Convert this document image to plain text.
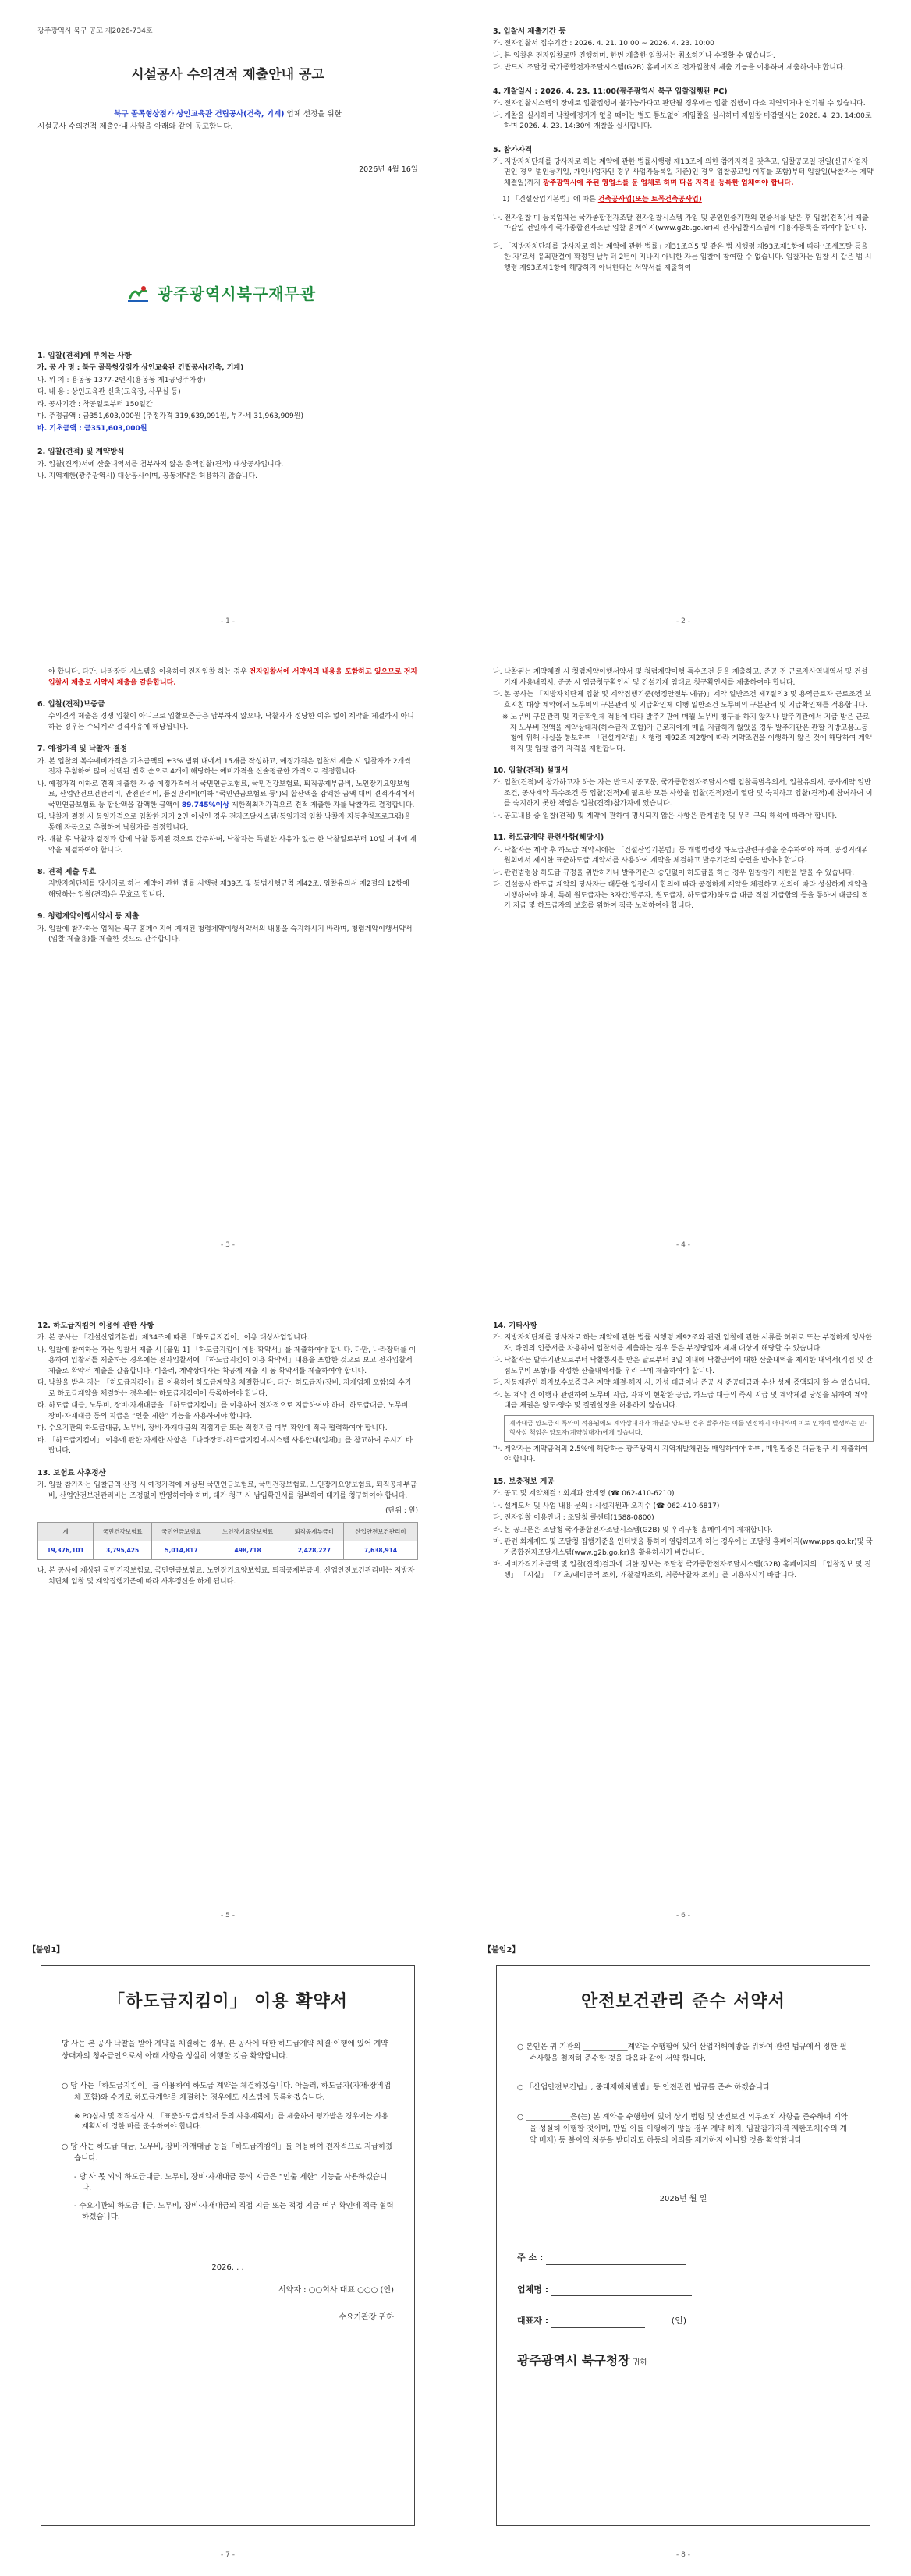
광주광역시 북구 공고 제2026-734호
시설공사 수의견적 제출안내 공고
북구 골목형상점가 상인교육관 건립공사(건축, 기계) 업체 선정을 위한
시설공사 수의견적 제출안내 사항을 아래와 같이 공고합니다.
2026년 4월 16일
광주광역시북구재무관
1. 입찰(견적)에 부치는 사항
가. 공 사 명 : 북구 골목형상점가 상인교육관 건립공사(건축, 기계)
나. 위 치 : 용봉동 1377-2번지(용봉동 제1공영주차장)
다. 내 용 : 상인교육관 신축(교육장, 사무실 등)
라. 공사기간 : 착공일로부터 150일간
마. 추정금액 : 금351,603,000원 (추정가격 319,639,091원, 부가세 31,963,909원)
바. 기초금액 : 금351,603,000원
2. 입찰(견적) 및 계약방식
가. 입찰(견적)서에 산출내역서를 첨부하지 않은 총액입찰(견적) 대상공사입니다.
나. 지역제한(광주광역시) 대상공사이며, 공동계약은 허용하지 않습니다.
- 1 -
3. 입찰서 제출기간 등
가. 전자입찰서 접수기간 : 2026. 4. 21. 10:00 ~ 2026. 4. 23. 10:00
나. 본 입찰은 전자입찰로만 진행하며, 한번 제출한 입찰서는 취소하거나 수정할 수 없습니다.
다. 반드시 조달청 국가종합전자조달시스템(G2B) 홈페이지의 전자입찰서 제출 기능을 이용하여 제출하여야 합니다.
4. 개찰일시 : 2026. 4. 23. 11:00(광주광역시 북구 입찰집행관 PC)
가. 전자입찰시스템의 장애로 입찰집행이 불가능하다고 판단될 경우에는 입찰 집행이 다소 지연되거나 연기될 수 있습니다.
나. 개찰을 실시하여 낙찰예정자가 없을 때에는 별도 통보없이 재입찰을 실시하며 재입찰 마감일시는 2026. 4. 23. 14:00로 하며 2026. 4. 23. 14:30에 개찰을 실시합니다.
5. 참가자격
가. 지방자치단체를 당사자로 하는 계약에 관한 법률시행령 제13조에 의한 참가자격을 갖추고, 입찰공고일 전일(신규사업자면인 경우 법인등기일, 개인사업자인 경우 사업자등록일 기준)인 경우 입찰공고일 이후를 포함)부터 입찰일(낙찰자는 계약체결일)까지 광주광역시에 주된 영업소를 둔 업체로 하며 다음 자격을 등록한 업체여야 합니다.
1) 「건설산업기본법」에 따른 건축공사업(또는 토목건축공사업)
나. 전자입찰 미 등록업체는 국가종합전자조달 전자입찰시스템 가입 및 공인인증기관의 인증서를 받은 후 입찰(견적)서 제출 마감일 전일까지 국가종합전자조달 입찰 홈페이지(www.g2b.go.kr)의 전자입찰시스템에 이용자등록을 하여야 합니다.
다. 「지방자치단체를 당사자로 하는 계약에 관한 법률」제31조의5 및 같은 법 시행령 제93조제1항에 따라 ‘조세포탈 등을 한 자’로서 유죄판결이 확정된 날부터 2년이 지나지 아니한 자는 입찰에 참여할 수 없습니다. 입찰자는 입찰 시 같은 법 시행령 제93조제1항에 해당하지 아니한다는 서약서를 제출하여
- 2 -
야 합니다. 다만, 나라장터 시스템을 이용하여 전자입찰 하는 경우 전자입찰서에 서약서의 내용을 포함하고 있으므로 전자입찰서 제출로 서약서 제출을 갈음합니다.
6. 입찰(견적)보증금
수의견적 제출은 경쟁 입찰이 아니므로 입찰보증금은 납부하지 않으나, 낙찰자가 정당한 이유 없이 계약을 체결하지 아니하는 경우는 수의계약 결격사유에 해당됩니다.
7. 예정가격 및 낙찰자 결정
가. 본 입찰의 복수예비가격은 기초금액의 ±3% 범위 내에서 15개를 작성하고, 예정가격은 입찰서 제출 시 입찰자가 2개씩 전자 추첨하여 많이 선택된 번호 순으로 4개에 해당하는 예비가격을 산술평균한 가격으로 결정합니다.
나. 예정가격 이하로 견적 제출한 자 중 예정가격에서 국민연금보험료, 국민건강보험료, 퇴직공제부금비, 노인장기요양보험료, 산업안전보건관리비, 안전관리비, 품질관리비(이하 "국민연금보험료 등")의 합산액을 감액한 금액 대비 견적가격에서 국민연금보험료 등 합산액을 감액한 금액이 89.745%이상 제한적최저가격으로 견적 제출한 자를 낙찰자로 결정합니다.
다. 낙찰자 결정 시 동일가격으로 입찰한 자가 2인 이상인 경우 전자조달시스템(동일가격 입찰 낙찰자 자동추첨프로그램)을 통해 자동으로 추첨하여 낙찰자를 결정합니다.
라. 개찰 후 낙찰자 결정과 함께 낙찰 통지된 것으로 간주하며, 낙찰자는 특별한 사유가 없는 한 낙찰일로부터 10일 이내에 계약을 체결하여야 합니다.
8. 견적 제출 무효
지방자치단체를 당사자로 하는 계약에 관한 법률 시행령 제39조 및 동법시행규칙 제42조, 입찰유의서 제2절의 12항에 해당하는 입찰(견적)은 무효로 합니다.
9. 청렴계약이행서약서 등 제출
가. 입찰에 참가하는 업체는 북구 홈페이지에 게재된 청렴계약이행서약서의 내용을 숙지하시기 바라며, 청렴계약이행서약서(입찰 제출용)를 제출한 것으로 간주합니다.
- 3 -
나. 낙찰된는 계약체결 시 청렴계약이행서약서 및 청렴계약이행 특수조건 등을 제출하고, 준공 전 근로자사역내역서 및 건설기계 사용내역서, 준공 시 임금청구확인서 및 건설기계 임대료 청구확인서를 제출하여야 합니다.
다. 본 공사는 「지방자치단체 입찰 및 계약집행기준(행정안전부 예규)」계약 일반조건 제7절의3 및 용역근로자 근로조건 보호지침 대상 계약에서 노무비의 구분관리 및 지급확인제 이행 일반조건 노무비의 구분관리 및 지급확인제를 적용합니다.
※ 노무비 구분관리 및 지급확인제 적용에 따라 발주기관에 매월 노무비 청구를 하지 않거나 발주기관에서 지급 받은 근로자 노무비 전액을 계약상대자(하수급자 포함)가 근로자에게 매월 지급하지 않았을 경우 발주기관은 관할 지방고용노동청에 위해 사실을 통보하며 「건설계약법」시행령 제92조 제2항에 따라 계약조건을 이행하지 않은 것에 해당하여 계약해지 및 입찰 참가 자격을 제한합니다.
10. 입찰(견적) 설명서
가. 입찰(견적)에 참가하고자 하는 자는 반드시 공고문, 국가종합전자조달시스템 입찰특별유의서, 입찰유의서, 공사계약 일반조건, 공사계약 특수조건 등 입찰(견적)에 필요한 모든 사항을 입찰(견적)전에 열람 및 숙지하고 입찰(견적)에 참여하여 이를 숙지하지 못한 책임은 입찰(견적)참가자에 있습니다.
나. 공고내용 중 입찰(견적) 및 계약에 관하여 명시되지 않은 사항은 관계법령 및 우리 구의 해석에 따라야 합니다.
11. 하도급계약 관련사항(해당시)
가. 낙찰자는 계약 후 하도급 계약시에는 「건설산업기본법」등 개별법령상 하도급관련규정을 준수하여야 하며, 공정거래위원회에서 제시한 표준하도급 계약서를 사용하여 계약을 체결하고 발주기관의 승인을 받아야 합니다.
나. 관련법령상 하도급 규정을 위반하거나 발주기관의 승인없이 하도급을 하는 경우 입찰참가 제한을 받을 수 있습니다.
다. 건설공사 하도급 계약의 당사자는 대등한 입장에서 합의에 따라 공정하게 계약을 체결하고 신의에 따라 성실하게 계약을 이행하여야 하며, 특히 원도급자는 3자간(발주자, 원도급자, 하도급자)하도급 대금 직접 지급합의 등을 통하여 대금의 적기 지급 및 하도급자의 보호를 위하여 적극 노력하여야 합니다.
- 4 -
12. 하도급지킴이 이용에 관한 사항
가. 본 공사는 「건설산업기본법」제34조에 따른 「하도급지킴이」이용 대상사업입니다.
나. 입찰에 참여하는 자는 입찰서 제출 시 [붙임 1] 「하도급지킴이 이용 확약서」를 제출하여야 합니다. 다만, 나라장터를 이용하여 입찰서를 제출하는 경우에는 전자입찰서에 「하도급지킴이 이용 확약서」내용을 포함한 것으로 보고 전자입찰서 제출로 확약서 제출을 갈음합니다. 이울러, 계약상대자는 착공계 제출 시 동 확약서를 제출하여야 합니다.
다. 낙찰을 받은 자는 「하도급지킴이」를 이용하여 하도급계약을 체결합니다. 다만, 하도급자(장비, 자재업체 포함)와 수기로 하도급계약을 체결하는 경우에는 하도급지킴이에 등록하여야 합니다.
라. 하도급 대금, 노무비, 장비·자재대금을 「하도급지킴이」를 이용하여 전자적으로 지급하여야 하며, 하도급대금, 노무비, 장비·자재대금 등의 지급은 “인출 제한” 기능을 사용하여야 합니다.
마. 수요기관의 하도급대금, 노무비, 장비·자재대금의 직접지급 또는 적정지급 여부 확인에 적극 협력하여야 합니다.
바. 「하도급지킴이」 이용에 관한 자세한 사항은 「나라장터-하도급지킴이-시스템 사용안내(업체)」를 참고하여 주시기 바랍니다.
13. 보험료 사후정산
가. 입찰 참가자는 입찰금액 산정 시 예정가격에 계상된 국민연금보험료, 국민건강보험료, 노인장기요양보험료, 퇴직공제부금비, 산업안전보건관리비는 조정없이 반영하여야 하며, 대가 청구 시 납입확인서를 첨부하여 대가를 청구하여야 합니다.
(단위 : 원)
계	국민건강보험료	국민연금보험료	노인장기요양보험료	퇴직공제부금비	산업안전보건관리비
19,376,101	3,795,425	5,014,817	498,718	2,428,227	7,638,914
나. 본 공사에 계상된 국민건강보험료, 국민연금보험료, 노인장기요양보험료, 퇴직공제부금비, 산업안전보건관리비는 지방자치단체 입찰 및 계약집행기준에 따라 사후정산을 하게 됩니다.
- 5 -
14. 기타사항
가. 지방자치단체를 당사자로 하는 계약에 관한 법률 시행령 제92조와 관련 입찰에 관한 서류를 허위로 또는 부정하게 행사한 자, 타인의 인증서를 차용하여 입찰서를 제출하는 경우 등은 부정당업자 제재 대상에 해당할 수 있습니다.
나. 낙찰자는 발주기관으로부터 낙찰통지를 받은 날로부터 3일 이내에 낙찰금액에 대한 산출내역을 제시한 내역서(직접 및 간접노무비 포함)를 작성한 산출내역서를 우리 구에 제출하여야 합니다.
다. 자동제관인 하자보수보증금은 계약 체결·해지 시, 가성 대금이나 준공 시 준공대금과 수산 성계·증액되지 할 수 있습니다.
라. 본 계약 건 이행과 관련하여 노무비 지급, 자재의 현황한 공급, 하도급 대금의 즉시 지급 및 계약체결 당성을 위하여 계약 대금 체권은 양도·양수 및 질권설정을 허용하지 않습니다.
계약대금 양도금지 특약이 적용됨에도 계약상대자가 채권을 양도한 경우 발주자는 이를 인정하지 아니하며 이로 인하여 발생하는 민·형사상 책임은 양도자(계약상대자)에게 있습니다.
마. 계약자는 계약금액의 2.5%에 해당하는 광주광역시 지역개발채권을 매입하여야 하며, 매입필증은 대금청구 시 제출하여야 합니다.
15. 보충정보 게공
가. 공고 및 계약체결 : 회계과 안계영 (☎ 062-410-6210)
나. 설계도서 및 사업 내용 문의 : 시설지원과 오지수 (☎ 062-410-6817)
다. 전자입찰 이용안내 : 조달청 콜센터(1588-0800)
라. 본 공고문은 조달청 국가종합전자조달시스템(G2B) 및 우리구청 홈페이지에 게재합니다.
마. 관련 회계제도 및 조달청 집행기준을 인터넷을 통하여 열람하고자 하는 경우에는 조달청 홈페이지(www.pps.go.kr)및 국가종합전자조달시스템(www.g2b.go.kr)을 활용하시기 바랍니다.
바. 예비가격기초금액 및 입찰(견적)결과에 대한 정보는 조달청 국가종합전자조달시스템(G2B) 홈페이지의 「입찰정보 및 진행」 「시설」 「기초/예비금액 조회, 개찰결과조회, 최종낙찰자 조회」를 이용하시기 바랍니다.
- 6 -
【붙임1】
「하도급지킴이」 이용 확약서
당 사는 본 공사 낙찰을 받아 계약을 체결하는 경우, 본 공사에 대한 하도급계약 체결·이행에 있어 계약상대자의 청수급인으로서 아래 사항을 성실히 이행할 것을 확약합니다.
○ 당 사는「하도급지킴이」를 이용하여 하도급 계약을 체결하겠습니다. 아울러, 하도급자(자재·장비업체 포함)와 수기로 하도급계약을 체결하는 경우에도 시스템에 등록하겠습니다.
※ PQ심사 및 적격심사 시, 「표준하도급계약서 등의 사용계획서」를 제출하여 평가받은 경우에는 사용계획서에 정한 바를 준수하여야 합니다.
○ 당 사는 하도급 대금, 노무비, 장비·자재대금 등을「하도급지킴이」를 이용하여 전자적으로 지급하겠습니다.
- 당 사 몫 외의 하도급대금, 노무비, 장비·자재대금 등의 지급은 “인출 제한” 기능을 사용하겠습니다.
- 수요기관의 하도급대금, 노무비, 장비·자재대금의 직접 지급 또는 적정 지급 여부 확인에 적극 협력하겠습니다.
2026. . .
서약자 : ○○회사 대표 ○○○ (인)
수요기관장 귀하
- 7 -
【붙임2】
안전보건관리 준수 서약서
○ 본인은 귀 기관의 ____________계약을 수행함에 있어 산업재해예방을 위하여 관련 법규에서 정한 필수사항을 철저히 준수할 것을 다음과 같이 서약 합니다.
○ 「산업안전보건법」, 중대재해처벌법」등 안전관련 법규를 준수 하겠습니다.
○ ____________은(는) 본 계약을 수행함에 있어 상기 법령 및 안전보건 의무조치 사항을 준수하며 계약을 성실히 이행할 것이며, 만일 이를 이행하지 않을 경우 계약 해지, 입찰참가자격 제한조치(수의 계약 배제) 등 불이익 처분을 받더라도 하등의 이의를 제기하지 아니할 것을 확약합니다.
2026년 월 일
주 소 :
업체명 :
대표자 :	(인)
광주광역시 북구청장 귀하
- 8 -
